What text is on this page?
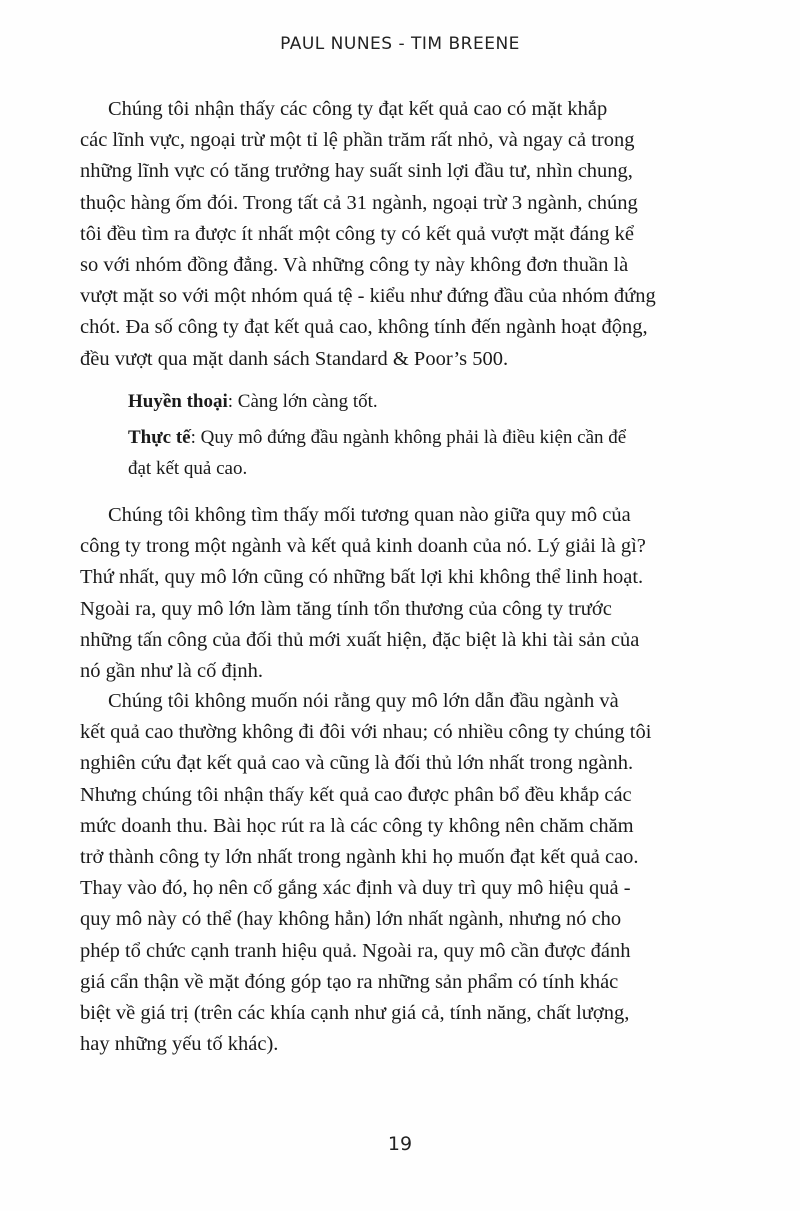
PAUL NUNES - TIM BREENE
Chúng tôi nhận thấy các công ty đạt kết quả cao có mặt khắp
các lĩnh vực, ngoại trừ một tỉ lệ phần trăm rất nhỏ, và ngay cả trong
những lĩnh vực có tăng trưởng hay suất sinh lợi đầu tư, nhìn chung,
thuộc hàng ốm đói. Trong tất cả 31 ngành, ngoại trừ 3 ngành, chúng
tôi đều tìm ra được ít nhất một công ty có kết quả vượt mặt đáng kể
so với nhóm đồng đẳng. Và những công ty này không đơn thuần là
vượt mặt so với một nhóm quá tệ - kiểu như đứng đầu của nhóm đứng
chót. Đa số công ty đạt kết quả cao, không tính đến ngành hoạt động,
đều vượt qua mặt danh sách Standard & Poor’s 500.
Huyền thoại: Càng lớn càng tốt.
Thực tế: Quy mô đứng đầu ngành không phải là điều kiện cần để
đạt kết quả cao.
Chúng tôi không tìm thấy mối tương quan nào giữa quy mô của
công ty trong một ngành và kết quả kinh doanh của nó. Lý giải là gì?
Thứ nhất, quy mô lớn cũng có những bất lợi khi không thể linh hoạt.
Ngoài ra, quy mô lớn làm tăng tính tổn thương của công ty trước
những tấn công của đối thủ mới xuất hiện, đặc biệt là khi tài sản của
nó gần như là cố định.
Chúng tôi không muốn nói rằng quy mô lớn dẫn đầu ngành và
kết quả cao thường không đi đôi với nhau; có nhiều công ty chúng tôi
nghiên cứu đạt kết quả cao và cũng là đối thủ lớn nhất trong ngành.
Nhưng chúng tôi nhận thấy kết quả cao được phân bổ đều khắp các
mức doanh thu. Bài học rút ra là các công ty không nên chăm chăm
trở thành công ty lớn nhất trong ngành khi họ muốn đạt kết quả cao.
Thay vào đó, họ nên cố gắng xác định và duy trì quy mô hiệu quả -
quy mô này có thể (hay không hẳn) lớn nhất ngành, nhưng nó cho
phép tổ chức cạnh tranh hiệu quả. Ngoài ra, quy mô cần được đánh
giá cẩn thận về mặt đóng góp tạo ra những sản phẩm có tính khác
biệt về giá trị (trên các khía cạnh như giá cả, tính năng, chất lượng,
hay những yếu tố khác).
19
